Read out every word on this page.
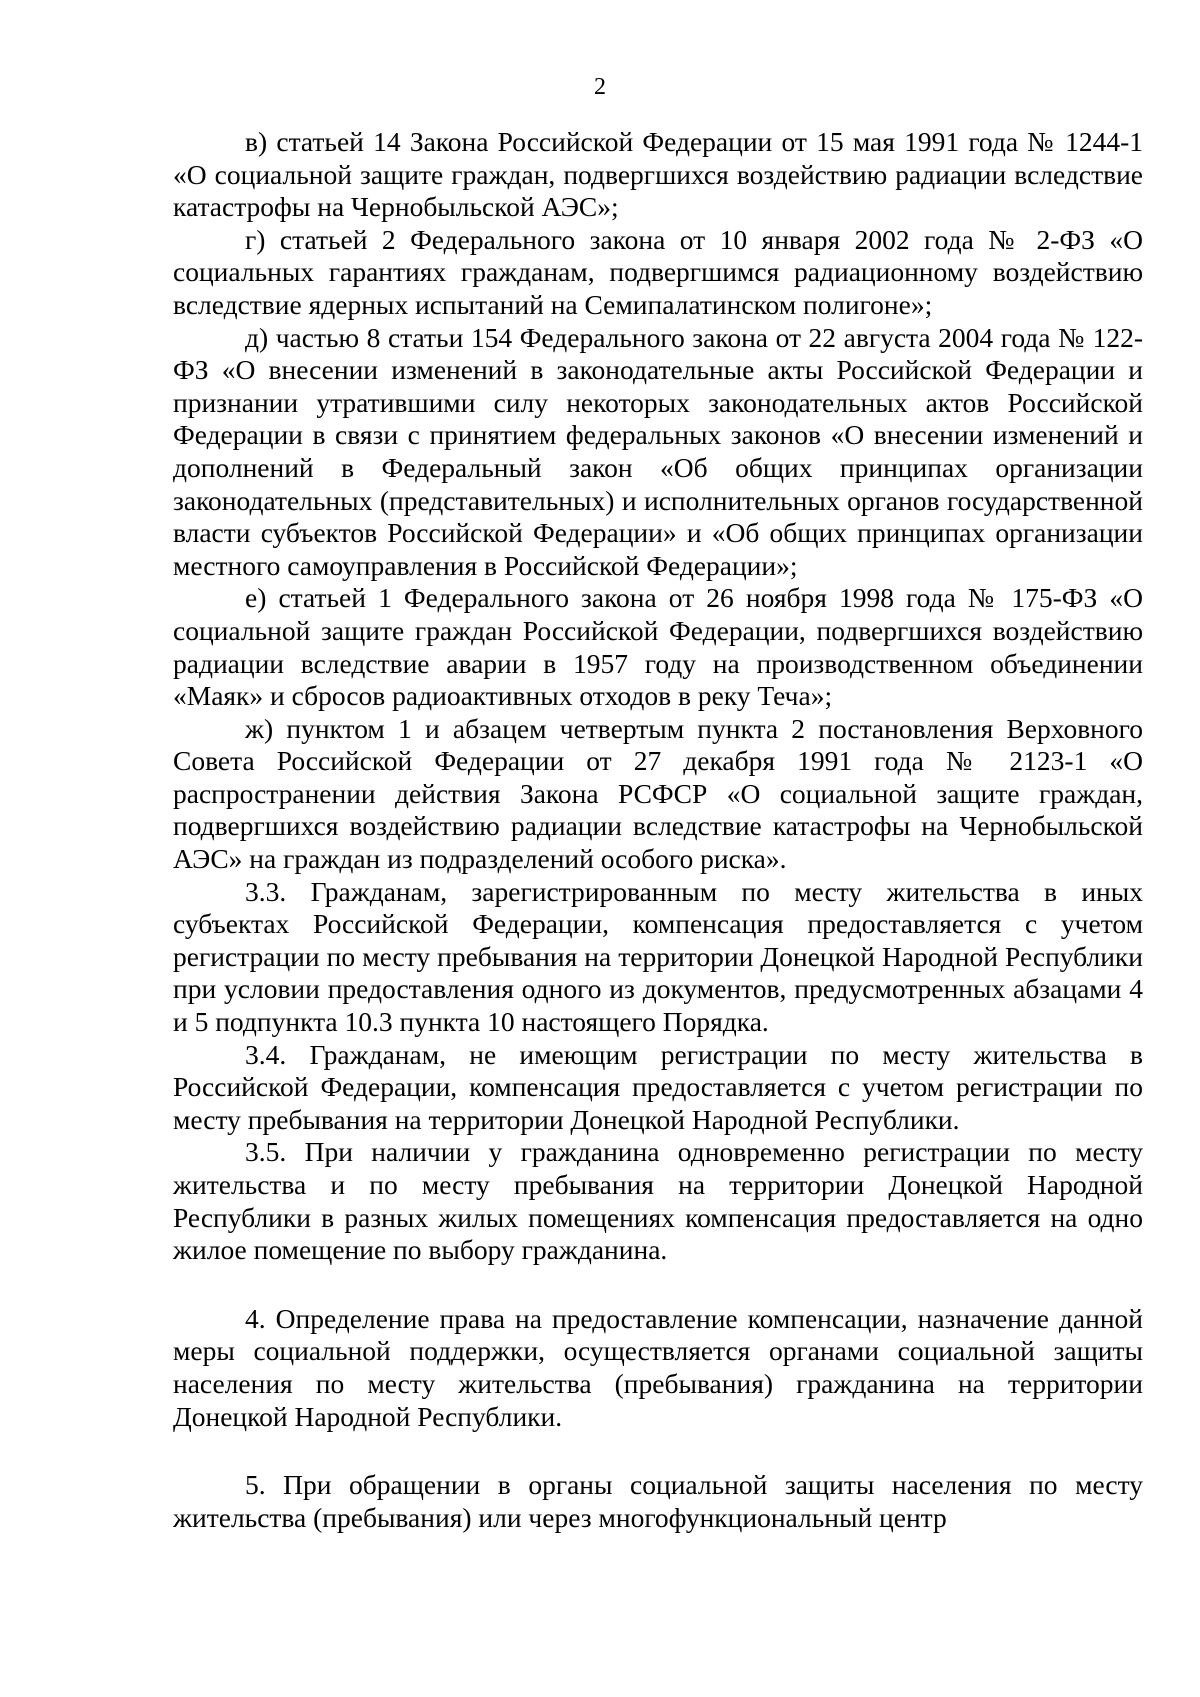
2

в) статьей 14 Закона Российской Федерации от 15 мая 1991 года № 1244-1 «О социальной защите граждан, подвергшихся воздействию радиации вследствие катастрофы на Чернобыльской АЭС»;

г) статьей 2 Федерального закона от 10 января 2002 года № 2-ФЗ «О социальных гарантиях гражданам, подвергшимся радиационному воздействию вследствие ядерных испытаний на Семипалатинском полигоне»;

д) частью 8 статьи 154 Федерального закона от 22 августа 2004 года № 122-ФЗ «О внесении изменений в законодательные акты Российской Федерации и признании утратившими силу некоторых законодательных актов Российской Федерации в связи с принятием федеральных законов «О внесении изменений и дополнений в Федеральный закон «Об общих принципах организации законодательных (представительных) и исполнительных органов государственной власти субъектов Российской Федерации» и «Об общих принципах организации местного самоуправления в Российской Федерации»;

е) статьей 1 Федерального закона от 26 ноября 1998 года № 175-ФЗ «О социальной защите граждан Российской Федерации, подвергшихся воздействию радиации вследствие аварии в 1957 году на производственном объединении «Маяк» и сбросов радиоактивных отходов в реку Теча»;

ж) пунктом 1 и абзацем четвертым пункта 2 постановления Верховного Совета Российской Федерации от 27 декабря 1991 года № 2123-1 «О распространении действия Закона РСФСР «О социальной защите граждан, подвергшихся воздействию радиации вследствие катастрофы на Чернобыльской АЭС» на граждан из подразделений особого риска».

3.3. Гражданам, зарегистрированным по месту жительства в иных субъектах Российской Федерации, компенсация предоставляется с учетом регистрации по месту пребывания на территории Донецкой Народной Республики при условии предоставления одного из документов, предусмотренных абзацами 4 и 5 подпункта 10.3 пункта 10 настоящего Порядка.

3.4. Гражданам, не имеющим регистрации по месту жительства в Российской Федерации, компенсация предоставляется с учетом регистрации по месту пребывания на территории Донецкой Народной Республики.

3.5. При наличии у гражданина одновременно регистрации по месту жительства и по месту пребывания на территории Донецкой Народной Республики в разных жилых помещениях компенсация предоставляется на одно жилое помещение по выбору гражданина.

4. Определение права на предоставление компенсации, назначение данной меры социальной поддержки, осуществляется органами социальной защиты населения по месту жительства (пребывания) гражданина на территории Донецкой Народной Республики.

5. При обращении в органы социальной защиты населения по месту жительства (пребывания) или через многофункциональный центр
